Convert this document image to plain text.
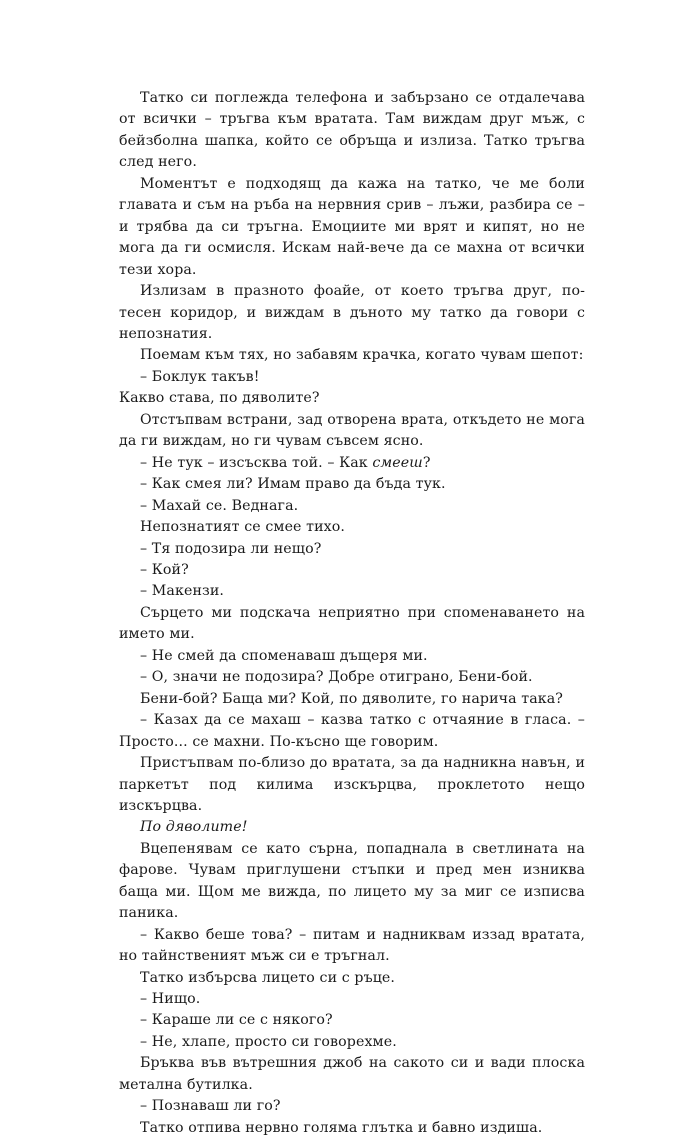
Татко си поглежда телефона и забързано се отдалечава от всички – тръгва към вратата. Там виждам друг мъж, с бейзболна шапка, който се обръща и излиза. Татко тръгва след него.

Моментът е подходящ да кажа на татко, че ме боли главата и съм на ръба на нервния срив – лъжи, разбира се – и трябва да си тръгна. Емоциите ми врят и кипят, но не мога да ги осмисля. Искам най-вече да се махна от всички тези хора.

Излизам в празното фоайе, от което тръгва друг, по-тесен коридор, и виждам в дъното му татко да говори с непознатия.

Поемам към тях, но забавям крачка, когато чувам шепот:

– Боклук такъв!

Какво става, по дяволите?

Отстъпвам встрани, зад отворена врата, откъдето не мога да ги виждам, но ги чувам съвсем ясно.

– Не тук – изсъсква той. – Как смееш?

– Как смея ли? Имам право да бъда тук.

– Махай се. Веднага.

Непознатият се смее тихо.

– Тя подозира ли нещо?

– Кой?

– Макензи.

Сърцето ми подскача неприятно при споменаването на името ми.

– Не смей да споменаваш дъщеря ми.

– О, значи не подозира? Добре отиграно, Бени-бой.

Бени-бой? Баща ми? Кой, по дяволите, го нарича така?

– Казах да се махаш – казва татко с отчаяние в гласа. – Просто... се махни. По-късно ще говорим.

Пристъпвам по-близо до вратата, за да надникна навън, и паркетът под килима изскърцва, проклетото нещо изскърцва.

По дяволите!

Вцепенявам се като сърна, попаднала в светлината на фарове. Чувам приглушени стъпки и пред мен изниква баща ми. Щом ме вижда, по лицето му за миг се изписва паника.

– Какво беше това? – питам и надниквам иззад вратата, но тайнственият мъж си е тръгнал.

Татко избърсва лицето си с ръце.

– Нищо.

– Караше ли се с някого?

– Не, хлапе, просто си говорехме.

Бръква във вътрешния джоб на сакото си и вади плоска метална бутилка.

– Познаваш ли го?

Татко отпива нервно голяма глътка и бавно издиша.
